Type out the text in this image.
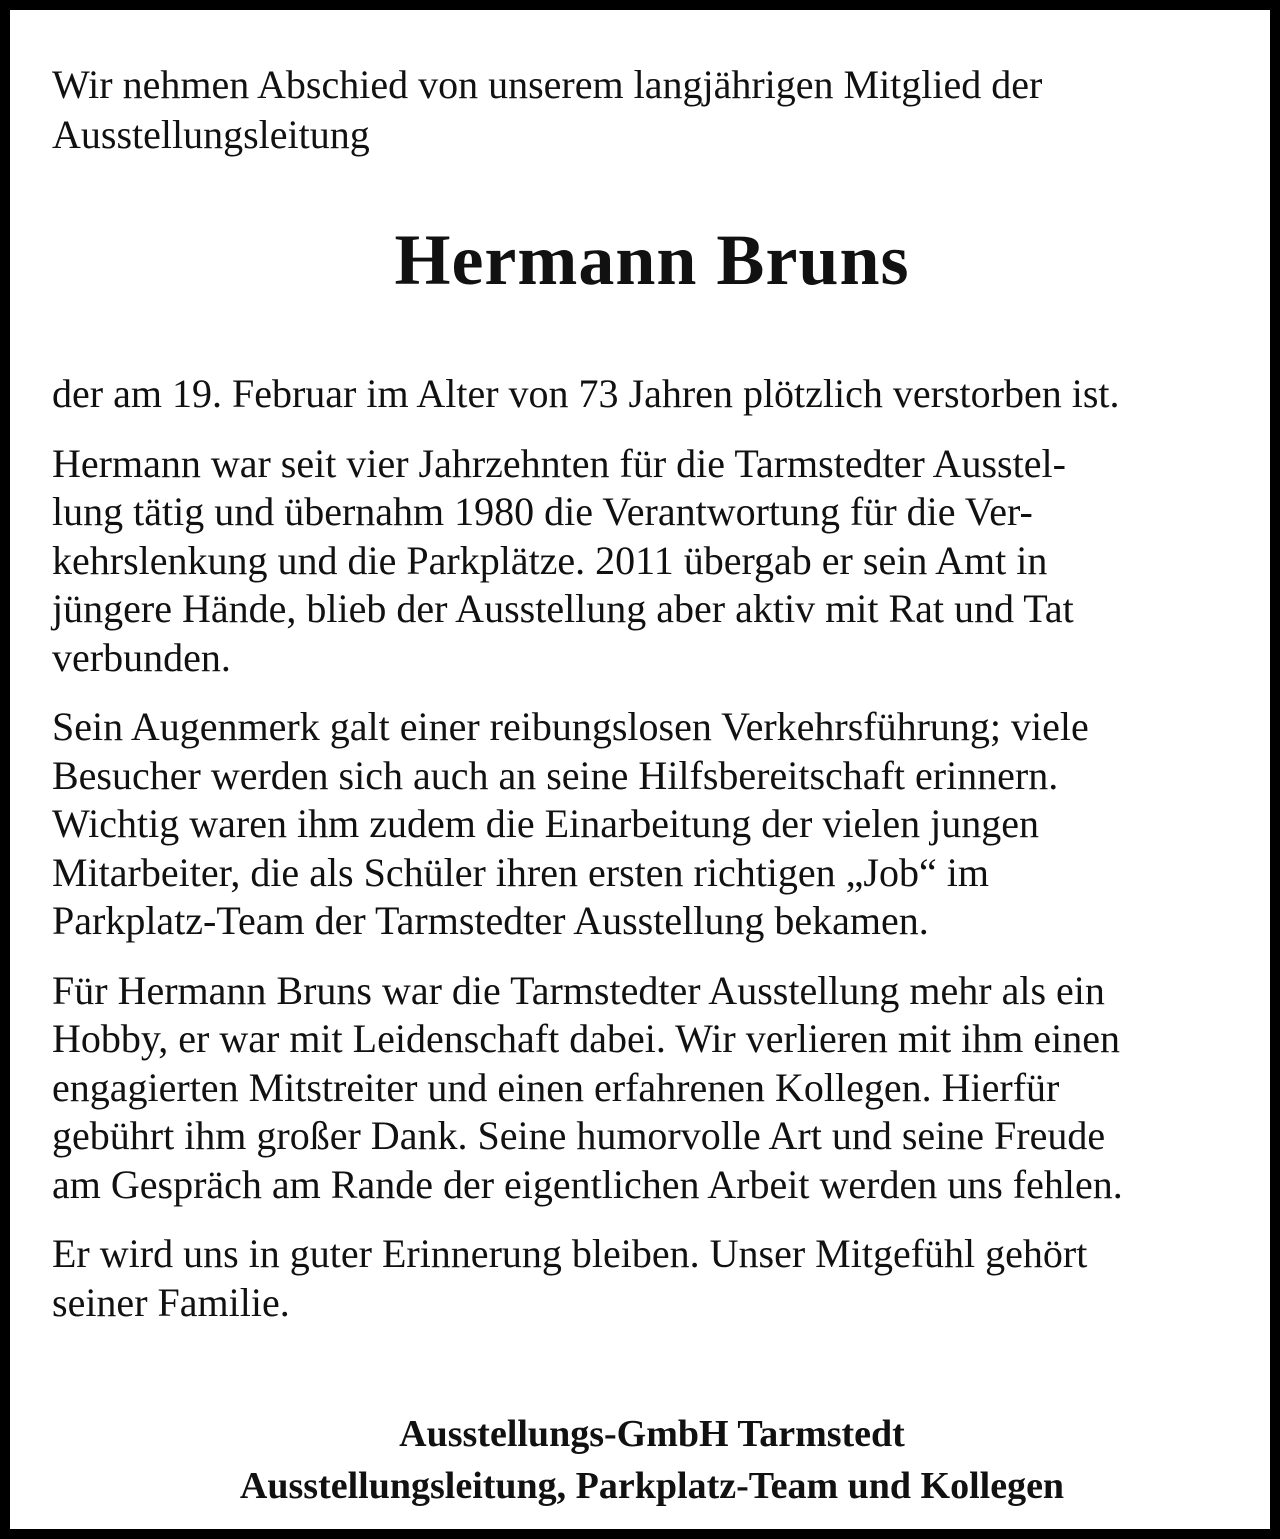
Wir nehmen Abschied von unserem langjährigen Mitglied der
Ausstellungsleitung

Hermann Bruns

der am 19. Februar im Alter von 73 Jahren plötzlich verstorben ist.

Hermann war seit vier Jahrzehnten für die Tarmstedter Ausstel-
lung tätig und übernahm 1980 die Verantwortung für die Ver-
kehrslenkung und die Parkplätze. 2011 übergab er sein Amt in
jüngere Hände, blieb der Ausstellung aber aktiv mit Rat und Tat
verbunden.

Sein Augenmerk galt einer reibungslosen Verkehrsführung; viele
Besucher werden sich auch an seine Hilfsbereitschaft erinnern.
Wichtig waren ihm zudem die Einarbeitung der vielen jungen
Mitarbeiter, die als Schüler ihren ersten richtigen „Job“ im
Parkplatz-Team der Tarmstedter Ausstellung bekamen.

Für Hermann Bruns war die Tarmstedter Ausstellung mehr als ein
Hobby, er war mit Leidenschaft dabei. Wir verlieren mit ihm einen
engagierten Mitstreiter und einen erfahrenen Kollegen. Hierfür
gebührt ihm großer Dank. Seine humorvolle Art und seine Freude
am Gespräch am Rande der eigentlichen Arbeit werden uns fehlen.

Er wird uns in guter Erinnerung bleiben. Unser Mitgefühl gehört
seiner Familie.

Ausstellungs-GmbH Tarmstedt
Ausstellungsleitung, Parkplatz-Team und Kollegen
